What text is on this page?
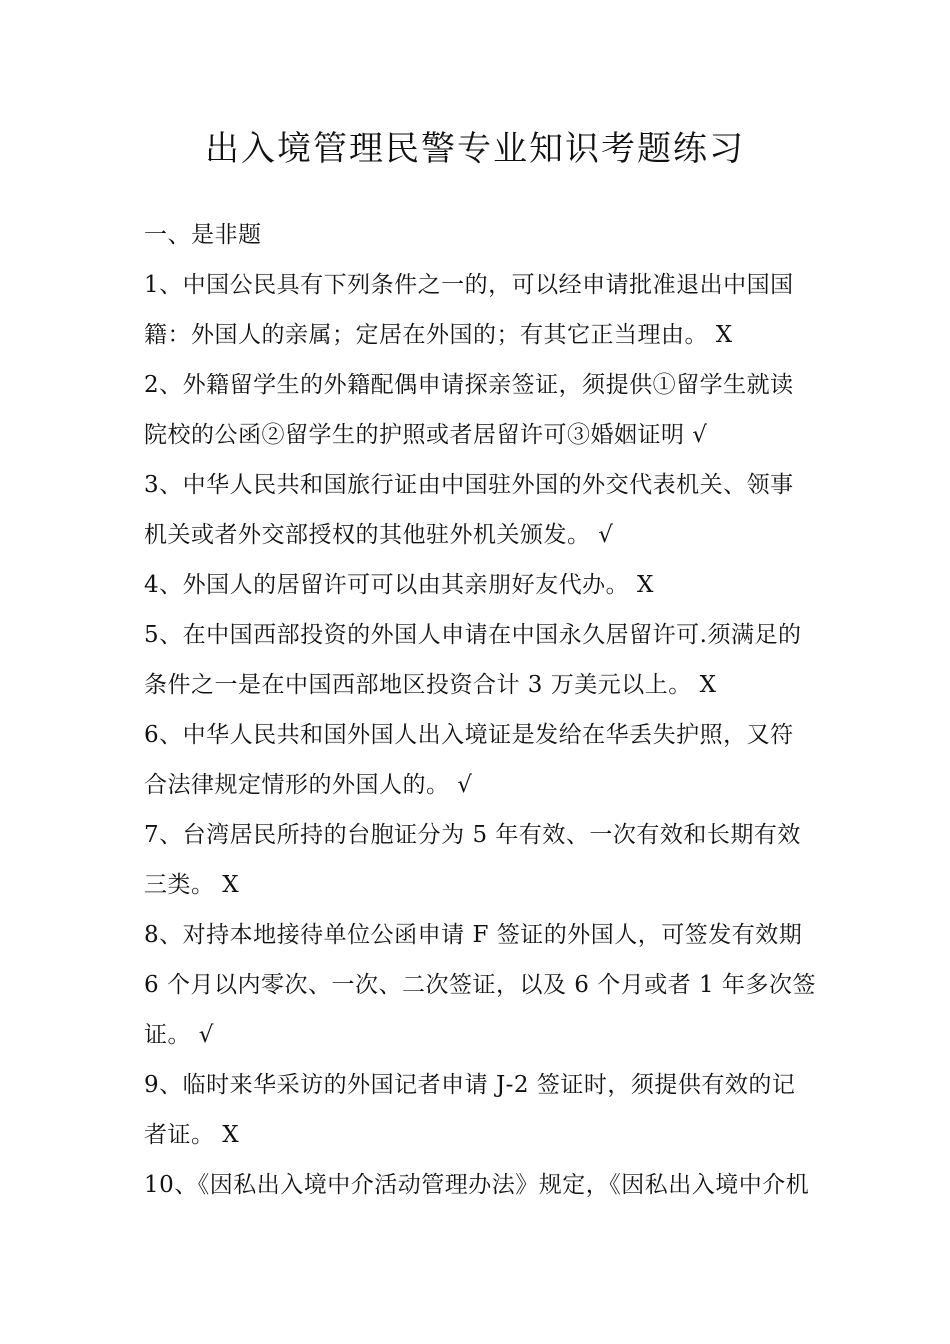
出入境管理民警专业知识考题练习
一、是非题
1、中国公民具有下列条件之一的，可以经申请批准退出中国国
籍：外国人的亲属；定居在外国的；有其它正当理由。 X
2、外籍留学生的外籍配偶申请探亲签证，须提供①留学生就读
院校的公函②留学生的护照或者居留许可③婚姻证明 √
3、中华人民共和国旅行证由中国驻外国的外交代表机关、领事
机关或者外交部授权的其他驻外机关颁发。 √
4、外国人的居留许可可以由其亲朋好友代办。 X
5、在中国西部投资的外国人申请在中国永久居留许可.须满足的
条件之一是在中国西部地区投资合计 3 万美元以上。 X
6、中华人民共和国外国人出入境证是发给在华丢失护照，又符
合法律规定情形的外国人的。 √
7、台湾居民所持的台胞证分为 5 年有效、一次有效和长期有效
三类。 X
8、对持本地接待单位公函申请 F 签证的外国人，可签发有效期
6 个月以内零次、一次、二次签证，以及 6 个月或者 1 年多次签
证。 √
9、临时来华采访的外国记者申请 J-2 签证时，须提供有效的记
者证。 X
10、《因私出入境中介活动管理办法》规定，《因私出入境中介机
